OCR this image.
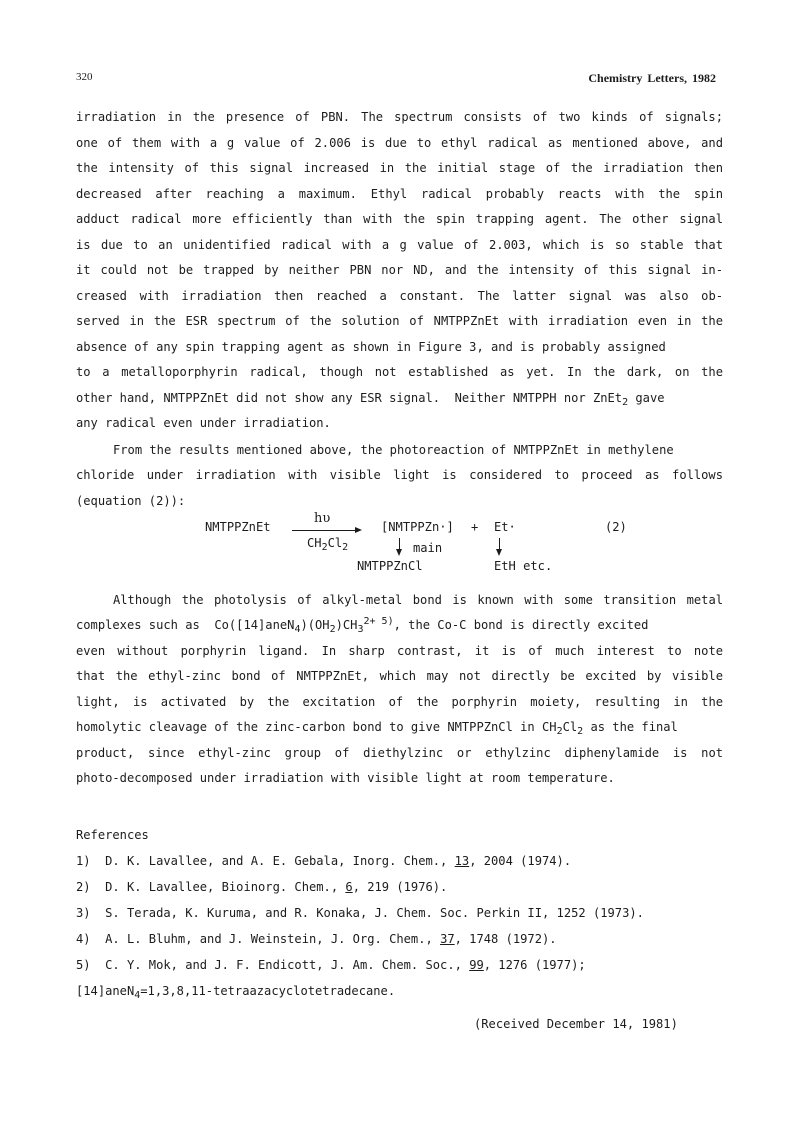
320	Chemistry Letters, 1982
irradiation in the presence of PBN. The spectrum consists of two kinds of signals;
one of them with a g value of 2.006 is due to ethyl radical as mentioned above, and
the intensity of this signal increased in the initial stage of the irradiation then
decreased after reaching a maximum. Ethyl radical probably reacts with the spin
adduct radical more efficiently than with the spin trapping agent. The other signal
is due to an unidentified radical with a g value of 2.003, which is so stable that
it could not be trapped by neither PBN nor ND, and the intensity of this signal in-
creased with irradiation then reached a constant. The latter signal was also ob-
served in the ESR spectrum of the solution of NMTPPZnEt with irradiation even in the
absence of any spin trapping agent as shown in Figure 3, and is probably assigned
to a metalloporphyrin radical, though not established as yet. In the dark, on the
other hand, NMTPPZnEt did not show any ESR signal.  Neither NMTPPH nor ZnEt$_2$ gave
any radical even under irradiation.
From the results mentioned above, the photoreaction of NMTPPZnEt in methylene
chloride under irradiation with visible light is considered to proceed as follows
(equation (2)):
NMTPPZnEt
hυ
$CH_2Cl_2$
[NMTPPZn·] + Et·	(2)
main
NMTPPZnCl	EtH etc.
Although the photolysis of alkyl-metal bond is known with some transition metal
complexes such as  $Co([14]aneN_4)(OH_2)CH_3^{2+ 5)}$, the Co-C bond is directly excited
even without porphyrin ligand. In sharp contrast, it is of much interest to note
that the ethyl-zinc bond of NMTPPZnEt, which may not directly be excited by visible
light, is activated by the excitation of the porphyrin moiety, resulting in the
homolytic cleavage of the zinc-carbon bond to give NMTPPZnCl in $CH_2Cl_2$ as the final
product, since ethyl-zinc group of diethylzinc or ethylzinc diphenylamide is not
photo-decomposed under irradiation with visible light at room temperature.
References
1) D. K. Lavallee, and A. E. Gebala, Inorg. Chem., 13, 2004 (1974).
2) D. K. Lavallee, Bioinorg. Chem., 6, 219 (1976).
3) S. Terada, K. Kuruma, and R. Konaka, J. Chem. Soc. Perkin II, 1252 (1973).
4) A. L. Bluhm, and J. Weinstein, J. Org. Chem., 37, 1748 (1972).
5) C. Y. Mok, and J. F. Endicott, J. Am. Chem. Soc., 99, 1276 (1977);
[14]aneN$_4$=1,3,8,11-tetraazacyclotetradecane.
(Received December 14, 1981)
